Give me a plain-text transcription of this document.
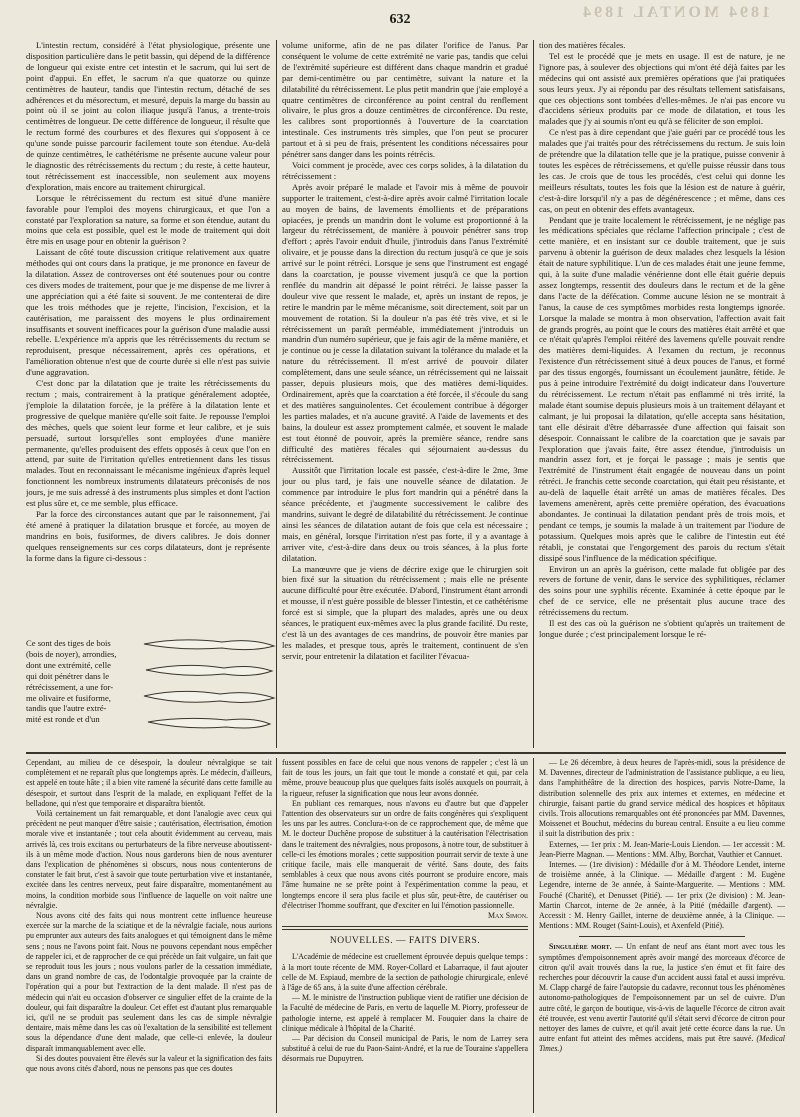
1894 MONTAL 1894
632

L'intestin rectum, considéré à l'état physiologique, présente une disposition particulière dans le petit bassin, qui dépend de la différence de longueur qui existe entre cet intestin et le sacrum, qui lui sert de point d'appui. En effet, le sacrum n'a que quatorze ou quinze centimètres de hauteur, tandis que l'intestin rectum, détaché de ses adhérences et du mésorectum, et mesuré, depuis la marge du bassin au point où il se joint au colon iliaque jusqu'à l'anus, a trente-trois centimètres de longueur. De cette différence de longueur, il résulte que le rectum formé des courbures et des flexures qui s'opposent à ce qu'une sonde puisse parcourir facilement toute son étendue. Au-delà de quinze centimètres, le cathétérisme ne présente aucune valeur pour le diagnostic des rétrécissements du rectum ; du reste, à cette hauteur, tout rétrécissement est inaccessible, non seulement aux moyens d'exploration, mais encore au traitement chirurgical.

Lorsque le rétrécissement du rectum est situé d'une manière favorable pour l'emploi des moyens chirurgicaux, et que l'on a constaté par l'exploration sa nature, sa forme et son étendue, autant du moins que cela est possible, quel est le mode de traitement qui doit être mis en usage pour en obtenir la guérison ?

Laissant de côté toute discussion critique relativement aux quatre méthodes qui ont cours dans la pratique, je me prononce en faveur de la dilatation. Assez de controverses ont été soutenues pour ou contre ces divers modes de traitement, pour que je me dispense de me livrer à une appréciation qui a été faite si souvent. Je me contenterai de dire que les trois méthodes que je rejette, l'incision, l'excision, et la cautérisation, me paraissent des moyens le plus ordinairement insuffisants et souvent inefficaces pour la guérison d'une maladie aussi rebelle. L'expérience m'a appris que les rétrécissements du rectum se reproduisent, presque nécessairement, après ces opérations, et l'amélioration obtenue n'est que de courte durée si elle n'est pas suivie d'une aggravation.

C'est donc par la dilatation que je traite les rétrécissements du rectum ; mais, contrairement à la pratique généralement adoptée, j'emploie la dilatation forcée, je la préfère à la dilatation lente et progressive de quelque manière qu'elle soit faite. Je repousse l'emploi des mèches, quels que soient leur forme et leur calibre, et je suis persuadé, surtout lorsqu'elles sont employées d'une manière permanente, qu'elles produisent des effets opposés à ceux que l'on en attend, par suite de l'irritation qu'elles entretiennent dans les tissus malades. Tout en reconnaissant le mécanisme ingénieux d'après lequel fonctionnent les nombreux instruments dilatateurs préconisés de nos jours, je me suis adressé à des instruments plus simples et dont l'action est plus sûre et, ce me semble, plus efficace.

Par la force des circonstances autant que par le raisonnement, j'ai été amené à pratiquer la dilatation brusque et forcée, au moyen de mandrins en bois, fusiformes, de divers calibres. Je dois donner quelques renseignements sur ces corps dilatateurs, dont je représente la forme dans la figure ci-dessous :

Ce sont des tiges de bois
(bois de noyer), arrondies,
dont une extrémité, celle
qui doit pénétrer dans le
rétrécissement, a une for-
me olivaire et fusiforme,
tandis que l'autre extré-
mité est ronde et d'un

volume uniforme, afin de ne pas dilater l'orifice de l'anus. Par conséquent le volume de cette extrémité ne varie pas, tandis que celui de l'extrémité supérieure est différent dans chaque mandrin et gradué par demi-centimètre ou par centimètre, suivant la nature et la dilatabilité du rétrécissement. Le plus petit mandrin que j'aie employé a quatre centimètres de circonférence au point central du renflement olivaire, le plus gros a douze centimètres de circonférence. Du reste, les calibres sont proportionnés à l'ouverture de la coarctation intestinale. Ces instruments très simples, que l'on peut se procurer partout et à si peu de frais, présentent les conditions nécessaires pour pénétrer sans danger dans les points rétrécis.

Voici comment je procède, avec ces corps solides, à la dilatation du rétrécissement :

Après avoir préparé le malade et l'avoir mis à même de pouvoir supporter le traitement, c'est-à-dire après avoir calmé l'irritation locale au moyen de bains, de lavements émollients et de préparations opiacées, je prends un mandrin dont le volume est proportionné à la largeur du rétrécissement, de manière à pouvoir pénétrer sans trop d'effort ; après l'avoir enduit d'huile, j'introduis dans l'anus l'extrémité olivaire, et je pousse dans la direction du rectum jusqu'à ce que je sois arrivé sur le point rétréci. Lorsque je sens que l'instrument est engagé dans la coarctation, je pousse vivement jusqu'à ce que la portion renflée du mandrin ait dépassé le point rétréci. Je laisse passer la douleur vive que ressent le malade, et, après un instant de repos, je retire le mandrin par le même mécanisme, soit directement, soit par un mouvement de rotation. Si la douleur n'a pas été très vive, et si le rétrécissement un paraît perméable, immédiatement j'introduis un mandrin d'un numéro supérieur, que je fais agir de la même manière, et je continue ou je cesse la dilatation suivant la tolérance du malade et la nature du rétrécissement. Il m'est arrivé de pouvoir dilater complètement, dans une seule séance, un rétrécissement qui ne laissait passer, depuis plusieurs mois, que des matières demi-liquides. Ordinairement, après que la coarctation a été forcée, il s'écoule du sang et des matières sanguinolentes. Cet écoulement contribue à dégorger les parties malades, et n'a aucune gravité. A l'aide de lavements et des bains, la douleur est assez promptement calmée, et souvent le malade est tout étonné de pouvoir, après la première séance, rendre sans difficulté des matières fécales qui séjournaient au-dessus du rétrécissement.

Aussitôt que l'irritation locale est passée, c'est-à-dire le 2me, 3me jour ou plus tard, je fais une nouvelle séance de dilatation. Je commence par introduire le plus fort mandrin qui a pénétré dans la séance précédente, et j'augmente successivement le calibre des mandrins, suivant le degré de dilatabilité du rétrécissement. Je continue ainsi les séances de dilatation autant de fois que cela est nécessaire ; mais, en général, lorsque l'irritation n'est pas forte, il y a avantage à arriver vite, c'est-à-dire dans deux ou trois séances, à la plus forte dilatation.

La manœuvre que je viens de décrire exige que le chirurgien soit bien fixé sur la situation du rétrécissement ; mais elle ne présente aucune difficulté pour être exécutée. D'abord, l'instrument étant arrondi et mousse, il n'est guère possible de blesser l'intestin, et ce cathétérisme forcé est si simple, que la plupart des malades, après une ou deux séances, le pratiquent eux-mêmes avec la plus grande facilité. Du reste, c'est là un des avantages de ces mandrins, de pouvoir être manies par les malades, et presque tous, après le traitement, continuent de s'en servir, pour entretenir la dilatation et faciliter l'évacua-

tion des matières fécales.

Tel est le procédé que je mets en usage. Il est de nature, je ne l'ignore pas, à soulever des objections qui m'ont été déjà faites par les médecins qui ont assisté aux premières opérations que j'ai pratiquées sous leurs yeux. J'y ai répondu par des résultats tellement satisfaisans, que ces objections sont tombées d'elles-mêmes. Je n'ai pas encore vu d'accidens sérieux produits par ce mode de dilatation, et tous les malades que j'y ai soumis n'ont eu qu'à se féliciter de son emploi.

Ce n'est pas à dire cependant que j'aie guéri par ce procédé tous les malades que j'ai traités pour des rétrécissemens du rectum. Je suis loin de prétendre que la dilatation telle que je la pratique, puisse convenir à toutes les espèces de rétrécissemens, et qu'elle puisse réussir dans tous les cas. Je crois que de tous les procédés, c'est celui qui donne les meilleurs résultats, toutes les fois que la lésion est de nature à guérir, c'est-à-dire lorsqu'il n'y a pas de dégénérescence ; et même, dans ces cas, on peut en obtenir des effets avantageux.

Pendant que je traite localement le rétrécissement, je ne néglige pas les médications spéciales que réclame l'affection principale ; c'est de cette manière, et en insistant sur ce double traitement, que je suis parvenu à obtenir la guérison de deux malades chez lesquels la lésion était de nature syphilitique. L'un de ces malades était une jeune femme, qui, à la suite d'une maladie vénérienne dont elle était guérie depuis assez longtemps, ressentit des douleurs dans le rectum et de la gêne dans l'acte de la défécation. Comme aucune lésion ne se montrait à l'anus, la cause de ces symptômes morbides resta longtemps ignorée. Lorsque la malade se montra à mon observation, l'affection avait fait de grands progrès, au point que le cours des matières était arrêté et que ce n'était qu'après l'emploi réitéré des lavemens qu'elle pouvait rendre des matières demi-liquides. A l'examen du rectum, je reconnus l'existence d'un rétrécissement situé à deux pouces de l'anus, et formé par des tissus engorgés, fournissant un écoulement jaunâtre, fétide. Je pus à peine introduire l'extrémité du doigt indicateur dans l'ouverture du rétrécissement. Le rectum n'était pas enflammé ni très irrité, la malade étant soumise depuis plusieurs mois à un traitement délayant et calmant, je lui proposai la dilatation, qu'elle accepta sans hésitation, tant elle désirait d'être débarrassée d'une affection qui faisait son désespoir. Connaissant le calibre de la coarctation que je savais par l'exploration que j'avais faite, être assez étendue, j'introduisis un mandrin assez fort, et je forçai le passage ; mais je sentis que l'extrémité de l'instrument était engagée de nouveau dans un point rétréci. Je franchis cette seconde coarctation, qui était peu résistante, et au-delà de laquelle était arrêté un amas de matières fécales. Des lavemens amenèrent, après cette première opération, des évacuations abondantes. Je continuai la dilatation pendant près de trois mois, et pendant ce temps, je soumis la malade à un traitement par l'iodure de potassium. Quelques mois après que le calibre de l'intestin eut été rétabli, je constatai que l'engorgement des parois du rectum s'était dissipé sous l'influence de la médication spécifique.

Environ un an après la guérison, cette malade fut obligée par des revers de fortune de venir, dans le service des syphilitiques, réclamer des soins pour une syphilis récente. Examinée à cette époque par le chef de ce service, elle ne présentait plus aucune trace des rétrécissemens du rectum.

Il est des cas où la guérison ne s'obtient qu'après un traitement de longue durée ; c'est principalement lorsque le ré-

Cependant, au milieu de ce désespoir, la douleur névralgique se tait complètement et ne reparaît plus que longtemps après. Le médecin, d'ailleurs, est appelé en toute hâte ; il a bien vite ramené la sécurité dans cette famille au désespoir, et surtout dans l'esprit de la malade, en expliquant l'effet de la belladone, qui n'est que temporaire et disparaîtra bientôt.

Voilà certainement un fait remarquable, et dont l'analogie avec ceux qui précèdent ne peut manquer d'être saisie ; cautérisation, électrisation, émotion morale vive et instantanée ; tout cela aboutit évidemment au cerveau, mais arrivés là, ces trois excitans ou perturbateurs de la fibre nerveuse aboutissent-ils à un même mode d'action. Nous nous garderons bien de nous aventurer dans l'explication de phénomènes si obscurs, nous nous contenterons de constater le fait brut, c'est à savoir que toute perturbation vive et instantanée, excitée dans les centres nerveux, peut faire disparaître, momentanément au moins, la condition morbide sous l'influence de laquelle on voit naître une névralgie.

Nous avons cité des faits qui nous montrent cette influence heureuse exercée sur la marche de la sciatique et de la névralgie faciale, nous aurions pu emprunter aux auteurs des faits analogues et qui témoignent dans le même sens ; nous ne l'avons point fait. Nous ne pouvons cependant nous empêcher de rappeler ici, et de rapprocher de ce qui précède un fait vulgaire, un fait que se reproduit tous les jours ; nous voulons parler de la cessation immédiate, dans un grand nombre de cas, de l'odontalgie provoquée par la crainte de l'opération qui a pour but l'extraction de la dent malade. Il n'est pas de médecin qui n'ait eu occasion d'observer ce singulier effet de la crainte de la douleur, qui fait disparaître la douleur. Cet effet est d'autant plus remarquable ici, qu'il ne se produit pas seulement dans les cas de simple névralgie dentaire, mais même dans les cas où l'exaltation de la sensibilité est tellement sous la dépendance d'une dent malade, que celle-ci enlevée, la douleur disparaît immanquablement avec elle.

Si des doutes pouvaient être élevés sur la valeur et la signification des faits que nous avons cités d'abord, nous ne pensons pas que ces doutes

fussent possibles en face de celui que nous venons de rappeler ; c'est là un fait de tous les jours, un fait que tout le monde a constaté et qui, par cela même, prouve beaucoup plus que quelques faits isolés auxquels on pourrait, à la rigueur, refuser la signification que nous leur avons donnée.

En publiant ces remarques, nous n'avons eu d'autre but que d'appeler l'attention des observateurs sur un ordre de faits congénères qui s'expliquent les uns par les autres. Conclura-t-on de ce rapprochement que, de même que M. le docteur Duchêne propose de substituer à la cautérisation l'électrisation dans le traitement des névralgies, nous proposons, à notre tour, de substituer à celle-ci les émotions morales ; cette supposition pourrait servir de texte à une critique facile, mais elle manquerait de vérité. Sans doute, des faits semblables à ceux que nous avons cités pourront se produire encore, mais l'âme humaine ne se prête point à l'expérimentation comme la peau, et longtemps encore il sera plus facile et plus sûr, peut-être, de cautériser ou d'électriser l'homme souffrant, que d'exciter en lui l'émotion passionnelle.

Max Simon.

NOUVELLES. — FAITS DIVERS.

L'Académie de médecine est cruellement éprouvée depuis quelque temps : à la mort toute récente de MM. Royer-Collard et Labarraque, il faut ajouter celle de M. Espiaud, membre de la section de pathologie chirurgicale, enlevé à l'âge de 65 ans, à la suite d'une affection cérébrale.

— M. le ministre de l'instruction publique vient de ratifier une décision de la Faculté de médecine de Paris, en vertu de laquelle M. Piorry, professeur de pathologie interne, est appelé à remplacer M. Fouquier dans la chaire de clinique médicale à l'hôpital de la Charité.

— Par décision du Conseil municipal de Paris, le nom de Larrey sera substitué à celui de rue du Paon-Saint-André, et la rue de Touraine s'appellera désormais rue Dupuytren.

— Le 26 décembre, à deux heures de l'après-midi, sous la présidence de M. Davennes, directeur de l'administration de l'assistance publique, a eu lieu, dans l'amphithéâtre de la direction des hospices, parvis Notre-Dame, la distribution solennelle des prix aux internes et externes, en médecine et chirurgie, faisant partie du grand service médical des hospices et hôpitaux civils. Trois allocutions remarquables ont été prononcées par MM. Davennes, Moissenet et Bouchut, médecins du bureau central. Ensuite a eu lieu comme il suit la distribution des prix :

Externes, — 1er prix : M. Jean-Marie-Louis Liendon. — 1er accessit : M. Jean-Pierre Magnan. — Mentions : MM. Alby, Borchat, Vauthier et Cannuet.

Internes. — (1re division) : Médaille d'or à M. Théodore Lendet, interne de troisième année, à la Clinique. — Médaille d'argent : M. Eugène Legendre, interne de 3e année, à Sainte-Marguerite. — Mentions : MM. Fouché (Charité), et Denusset (Pitié). — 1er prix (2e division) : M. Jean-Martin Charcot, interne de 2e année, à la Pitié (médaille d'argent). — Accessit : M. Henry Gaillet, interne de deuxième année, à la Clinique. — Mentions : MM. Rouget (Saint-Louis), et Axenfeld (Pitié).

Singulière mort. — Un enfant de neuf ans étant mort avec tous les symptômes d'empoisonnement après avoir mangé des morceaux d'écorce de citron qu'il avait trouvés dans la rue, la justice s'en émut et fit faire des recherches pour découvrir la cause d'un accident aussi fatal et aussi imprévu. M. Clapp chargé de faire l'autopsie du cadavre, reconnut tous les phénomènes autonomo-pathologiques de l'empoisonnement par un sel de cuivre. D'un autre côté, le garçon de boutique, vis-à-vis de laquelle l'écorce de citron avait été trouvée, est venu avertir l'autorité qu'il s'était servi d'écorce de citron pour nettoyer des lames de cuivre, et qu'il avait jeté cette écorce dans la rue. Un autre enfant fut atteint des mêmes accidens, mais put être sauvé. (Medical Times.)
